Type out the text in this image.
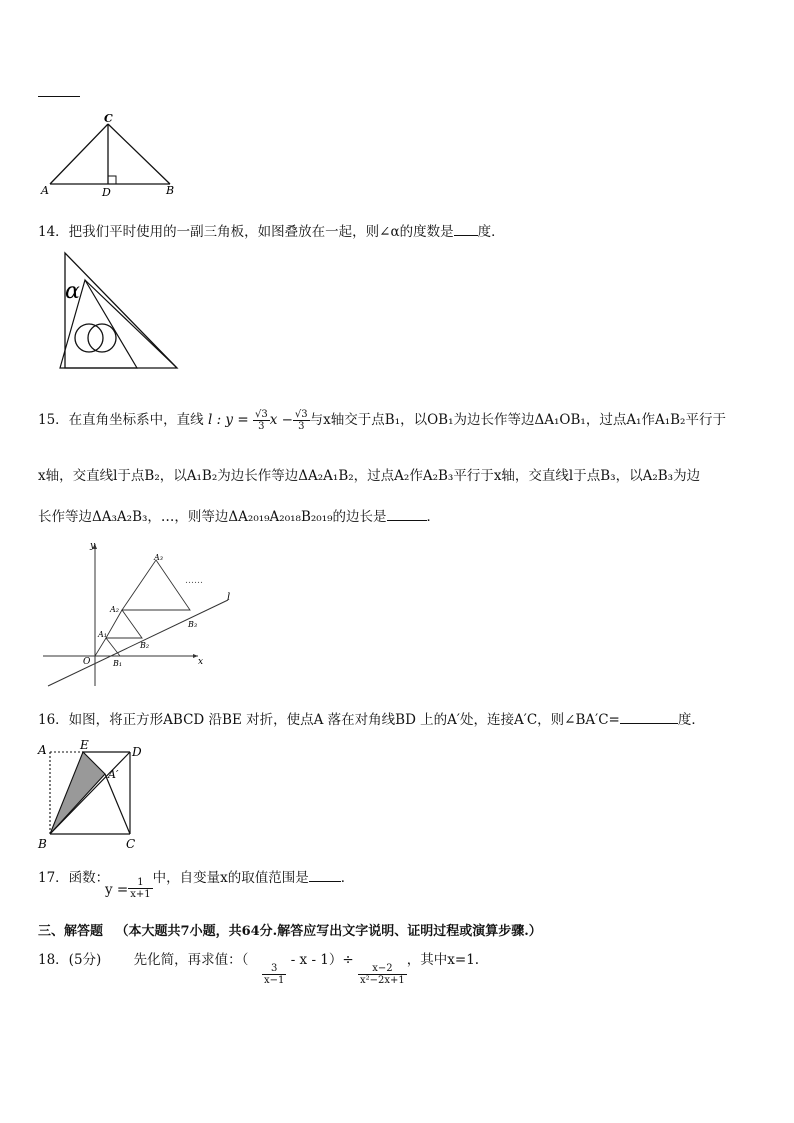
C
A	D	B
14．把我们平时使用的一副三角板，如图叠放在一起，则∠α的度数是 度．
α
15．在直角坐标系中，直线 l : $y = \frac{√3}{3}$ $x - \frac{√3}{3}$ 与x轴交于点B₁，以OB₁为边长作等边ΔA₁OB₁，过点A₁作A₁B₂平行于
x轴，交直线l于点B₂，以A₁B₂为边长作等边ΔA₂A₁B₂，过点A₂作A₂B₃平行于x轴，交直线l于点B₃，以A₂B₃为边
长作等边ΔA₃A₂B₃，…，则等边ΔA₂₀₁₉A₂₀₁₈B₂₀₁₉的边长是	．
y
x
O
l
A₃
A₂
A₁
B₁
B₂
B₃
……
16．如图，将正方形ABCD 沿BE 对折，使点A 落在对角线BD 上的A′处，连接A′C，则∠BA′C=	度．
A	E	D
A′
B	C
17．函数：
$y = \frac{1}{x+1}$ 中，自变量x的取值范围是 ．
三、解答题 （本大题共7小题，共64分.解答应写出文字说明、证明过程或演算步骤.）
18．(5分) 先化简，再求值：（
$\frac{3}{x-1}$
- x - 1）÷
$\frac{x-2}{\text{x²−2x+1}}$
，其中x=1.
